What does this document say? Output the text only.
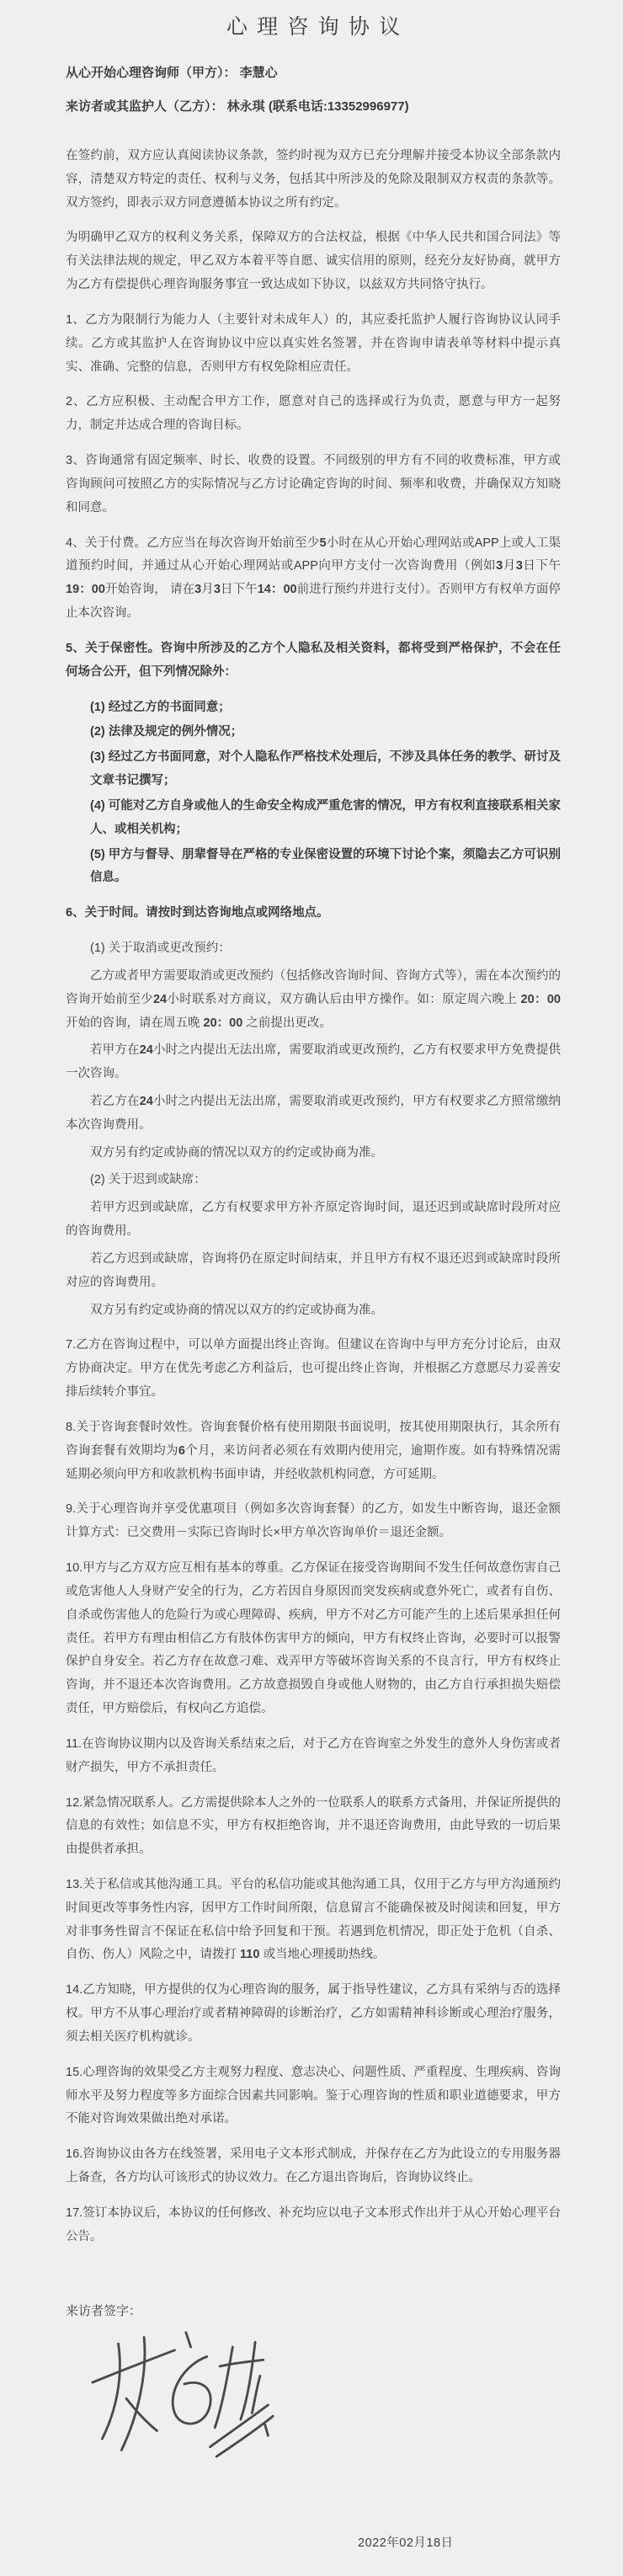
心理咨询协议
从心开始心理咨询师（甲方）： 李慧心
来访者或其监护人（乙方）： 林永琪 (联系电话:13352996977)

在签约前，双方应认真阅读协议条款，签约时视为双方已充分理解并接受本协议全部条款内容，清楚双方特定的责任、权利与义务，包括其中所涉及的免除及限制双方权责的条款等。双方签约，即表示双方同意遵循本协议之所有约定。

为明确甲乙双方的权利义务关系，保障双方的合法权益，根据《中华人民共和国合同法》等有关法律法规的规定，甲乙双方本着平等自愿、诚实信用的原则，经充分友好协商，就甲方为乙方有偿提供心理咨询服务事宜一致达成如下协议，以兹双方共同恪守执行。

1、乙方为限制行为能力人（主要针对未成年人）的，其应委托监护人履行咨询协议认同手续。乙方或其监护人在咨询协议中应以真实姓名签署，并在咨询申请表单等材料中提示真实、准确、完整的信息，否则甲方有权免除相应责任。

2、乙方应积极、主动配合甲方工作，愿意对自己的选择或行为负责，愿意与甲方一起努力，制定并达成合理的咨询目标。

3、咨询通常有固定频率、时长、收费的设置。不同级别的甲方有不同的收费标准，甲方或咨询顾问可按照乙方的实际情况与乙方讨论确定咨询的时间、频率和收费，并确保双方知晓和同意。

4、关于付费。乙方应当在每次咨询开始前至少5小时在从心开始心理网站或APP上或人工渠道预约时间，并通过从心开始心理网站或APP向甲方支付一次咨询费用（例如3月3日下午19：00开始咨询， 请在3月3日下午14：00前进行预约并进行支付）。否则甲方有权单方面停止本次咨询。

5、关于保密性。咨询中所涉及的乙方个人隐私及相关资料，都将受到严格保护，不会在任何场合公开，但下列情况除外：

(1) 经过乙方的书面同意；

(2) 法律及规定的例外情况；

(3) 经过乙方书面同意，对个人隐私作严格技术处理后，不涉及具体任务的教学、研讨及文章书记撰写；

(4) 可能对乙方自身或他人的生命安全构成严重危害的情况，甲方有权利直接联系相关家人、或相关机构；

(5) 甲方与督导、朋辈督导在严格的专业保密设置的环境下讨论个案，须隐去乙方可识别信息。

6、关于时间。请按时到达咨询地点或网络地点。

(1) 关于取消或更改预约：

乙方或者甲方需要取消或更改预约（包括修改咨询时间、咨询方式等），需在本次预约的咨询开始前至少24小时联系对方商议，双方确认后由甲方操作。如：原定周六晚上 20：00 开始的咨询，请在周五晚 20：00 之前提出更改。

若甲方在24小时之内提出无法出席，需要取消或更改预约，乙方有权要求甲方免费提供一次咨询。

若乙方在24小时之内提出无法出席，需要取消或更改预约，甲方有权要求乙方照常缴纳本次咨询费用。

双方另有约定或协商的情况以双方的约定或协商为准。

(2) 关于迟到或缺席：

若甲方迟到或缺席，乙方有权要求甲方补齐原定咨询时间，退还迟到或缺席时段所对应的咨询费用。

若乙方迟到或缺席，咨询将仍在原定时间结束，并且甲方有权不退还迟到或缺席时段所对应的咨询费用。

双方另有约定或协商的情况以双方的约定或协商为准。

7.乙方在咨询过程中，可以单方面提出终止咨询。但建议在咨询中与甲方充分讨论后，由双方协商决定。甲方在优先考虑乙方利益后，也可提出终止咨询，并根据乙方意愿尽力妥善安排后续转介事宜。

8.关于咨询套餐时效性。咨询套餐价格有使用期限书面说明，按其使用期限执行，其余所有咨询套餐有效期均为6个月，来访问者必须在有效期内使用完，逾期作废。如有特殊情况需延期必须向甲方和收款机构书面申请，并经收款机构同意，方可延期。

9.关于心理咨询并享受优惠项目（例如多次咨询套餐）的乙方，如发生中断咨询，退还金额计算方式：已交费用－实际已咨询时长×甲方单次咨询单价＝退还金额。

10.甲方与乙方双方应互相有基本的尊重。乙方保证在接受咨询期间不发生任何故意伤害自己或危害他人人身财产安全的行为，乙方若因自身原因而突发疾病或意外死亡，或者有自伤、自杀或伤害他人的危险行为或心理障碍、疾病，甲方不对乙方可能产生的上述后果承担任何责任。若甲方有理由相信乙方有肢体伤害甲方的倾向，甲方有权终止咨询，必要时可以报警保护自身安全。若乙方存在故意刁难、戏弄甲方等破坏咨询关系的不良言行，甲方有权终止咨询，并不退还本次咨询费用。乙方故意损毁自身或他人财物的，由乙方自行承担损失赔偿责任，甲方赔偿后，有权向乙方追偿。

11.在咨询协议期内以及咨询关系结束之后，对于乙方在咨询室之外发生的意外人身伤害或者财产损失，甲方不承担责任。

12.紧急情况联系人。乙方需提供除本人之外的一位联系人的联系方式备用，并保证所提供的信息的有效性；如信息不实，甲方有权拒绝咨询，并不退还咨询费用，由此导致的一切后果由提供者承担。

13.关于私信或其他沟通工具。平台的私信功能或其他沟通工具，仅用于乙方与甲方沟通预约时间更改等事务性内容，因甲方工作时间所限，信息留言不能确保被及时阅读和回复，甲方对非事务性留言不保证在私信中给予回复和干预。若遇到危机情况，即正处于危机（自杀、自伤、伤人）风险之中，请拨打 110 或当地心理援助热线。

14.乙方知晓，甲方提供的仅为心理咨询的服务，属于指导性建议，乙方具有采纳与否的选择权。甲方不从事心理治疗或者精神障碍的诊断治疗，乙方如需精神科诊断或心理治疗服务，须去相关医疗机构就诊。

15.心理咨询的效果受乙方主观努力程度、意志决心、问题性质、严重程度、生理疾病、咨询师水平及努力程度等多方面综合因素共同影响。鉴于心理咨询的性质和职业道德要求，甲方不能对咨询效果做出绝对承诺。

16.咨询协议由各方在线签署，采用电子文本形式制成，并保存在乙方为此设立的专用服务器上备查，各方均认可该形式的协议效力。在乙方退出咨询后，咨询协议终止。

17.签订本协议后，本协议的任何修改、补充均应以电子文本形式作出并于从心开始心理平台公告。

来访者签字：
2022年02月18日
